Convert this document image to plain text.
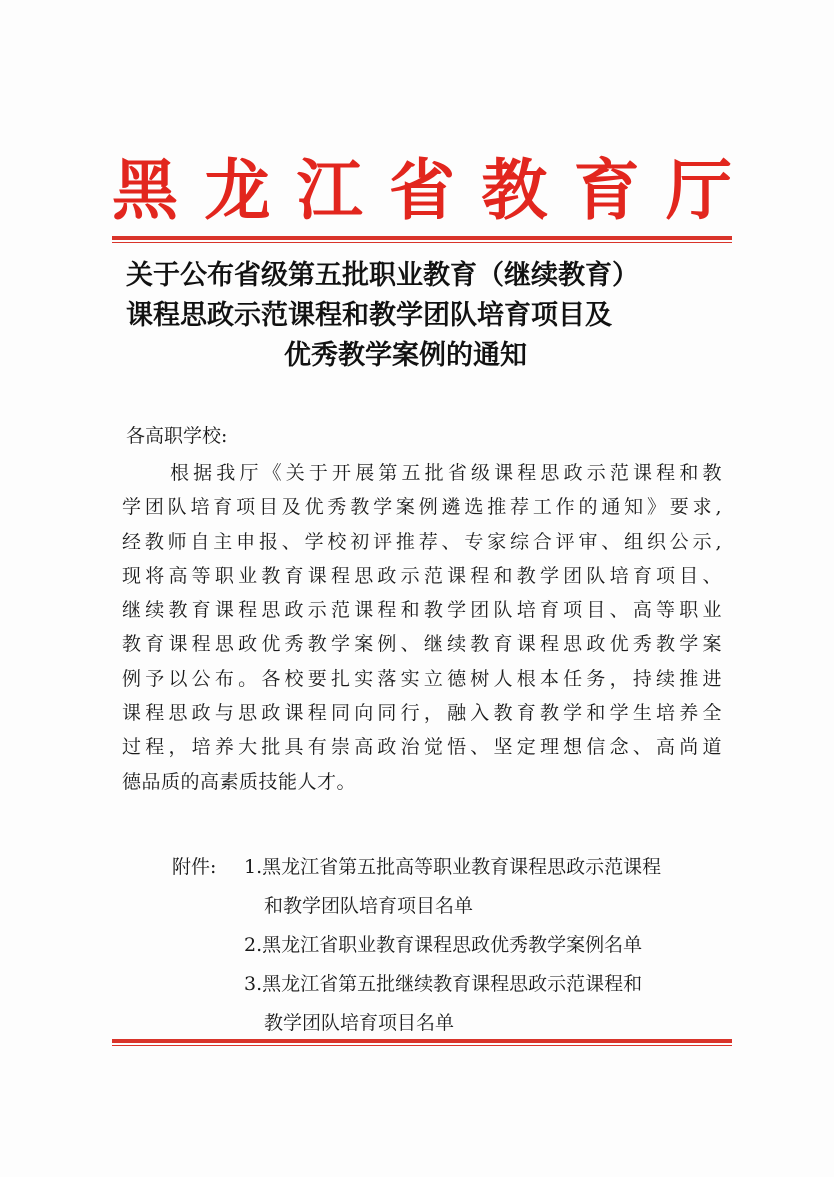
黑 龙 江 省 教 育 厅
关于公布省级第五批职业教育（继续教育）
课程思政示范课程和教学团队培育项目及
优秀教学案例的通知
各高职学校:
根据我厅《关于开展第五批省级课程思政示范课程和教
学团队培育项目及优秀教学案例遴选推荐工作的通知》要求,
经教师自主申报、学校初评推荐、专家综合评审、组织公示,
现将高等职业教育课程思政示范课程和教学团队培育项目、
继续教育课程思政示范课程和教学团队培育项目、高等职业
教育课程思政优秀教学案例、继续教育课程思政优秀教学案
例予以公布。各校要扎实落实立德树人根本任务，持续推进
课程思政与思政课程同向同行，融入教育教学和学生培养全
过程，培养大批具有崇高政治觉悟、坚定理想信念、高尚道
德品质的高素质技能人才。
附件:	1.黑龙江省第五批高等职业教育课程思政示范课程
和教学团队培育项目名单
2.黑龙江省职业教育课程思政优秀教学案例名单
3.黑龙江省第五批继续教育课程思政示范课程和
教学团队培育项目名单
